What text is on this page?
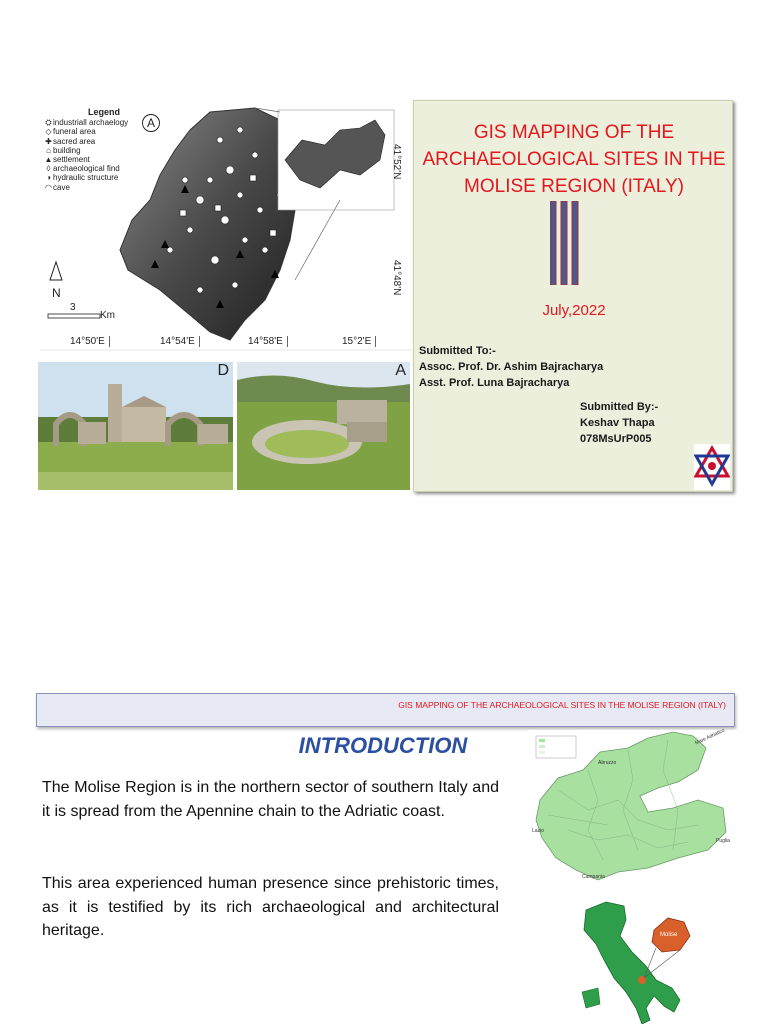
Legend
⛭industriall archaelogy
◇funeral area
✚sacred area
⌂ building
▲settlement
◊ archaeological find
◑ hydraulic structure
◠cave
A
N
3
Km
14°50'E	14°54'E	14°58'E	15°2'E
41°52'N
41°48'N
D	A
GIS MAPPING OF THE ARCHAEOLOGICAL SITES IN THE MOLISE REGION (ITALY)
July,2022
Submitted To:-
Assoc. Prof. Dr. Ashim Bajracharya
Asst. Prof. Luna Bajracharya
Submitted By:-
Keshav Thapa
078MsUrP005
GIS MAPPING OF THE ARCHAEOLOGICAL SITES IN THE MOLISE REGION (ITALY)
INTRODUCTION
The Molise Region is in the northern sector of southern Italy and it is spread from the Apennine chain to the Adriatic coast.
This area experienced human presence since prehistoric times, as it is testified by its rich archaeological and architectural heritage.
Mare Adriatico
Abruzzo
Lazio
Campania
Puglia
Molise
